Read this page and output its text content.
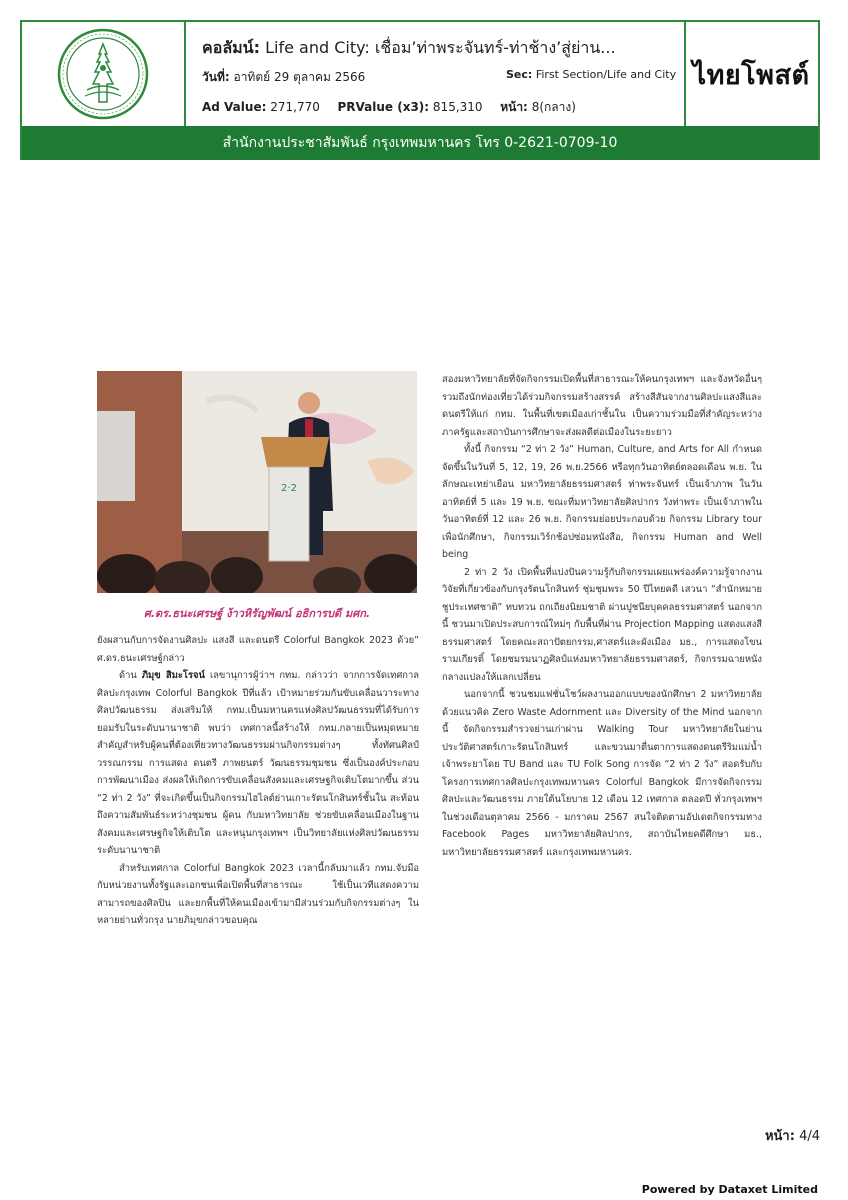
คอลัมน์: Life and City: เชื่อม’ท่าพระจันทร์-ท่าช้าง’สู่ย่าน...
วันที่: อาทิตย์ 29 ตุลาคม 2566	Sec: First Section/Life and City
Ad Value: 271,770 PRValue (x3): 815,310 หน้า: 8(กลาง)
ไทยโพสต์
สำนักงานประชาสัมพันธ์ กรุงเทพมหานคร โทร 0-2621-0709-10
2·2
ศ.ดร.ธนะเศรษฐ์ ง้าวหิรัญพัฒน์ อธิการบดี มศก.

ยังผสานกับการจัดงานศิลปะ แสงสี และดนตรี Colorful Bangkok 2023 ด้วย” ศ.ดร.ธนะเศรษฐ์กล่าว

ด้าน ภิมุข สิมะโรจน์ เลขานุการผู้ว่าฯ กทม. กล่าวว่า จากการจัดเทศกาลศิลปะกรุงเทพ Colorful Bangkok ปีที่แล้ว เป้าหมายร่วมกันขับเคลื่อนวาระทางศิลปวัฒนธรรม ส่งเสริมให้ กทม.เป็นมหานครแห่งศิลปวัฒนธรรมที่ได้รับการยอมรับในระดับนานาชาติ พบว่า เทศกาลนี้สร้างให้ กทม.กลายเป็นหมุดหมายสำคัญสำหรับผู้คนที่ต้องเที่ยวทางวัฒนธรรมผ่านกิจกรรมต่างๆ ทั้งทัศนศิลป์ วรรณกรรม การแสดง ดนตรี ภาพยนตร์ วัฒนธรรมชุมชน ซึ่งเป็นองค์ประกอบการพัฒนาเมือง ส่งผลให้เกิดการขับเคลื่อนสังคมและเศรษฐกิจเติบโตมากขึ้น ส่วน “2 ท่า 2 วัง” ที่จะเกิดขึ้นเป็นกิจกรรมไฮไลต์ย่านเกาะรัตนโกสินทร์ชั้นใน สะท้อนถึงความสัมพันธ์ระหว่างชุมชน ผู้คน กับมหาวิทยาลัย ช่วยขับเคลื่อนเมืองในฐานสังคมและเศรษฐกิจให้เติบโต และหนุนกรุงเทพฯ เป็นวิทยาลัยแห่งศิลปวัฒนธรรมระดับนานาชาติ

สำหรับเทศกาล Colorful Bangkok 2023 เวลานี้กลับมาแล้ว กทม.จับมือกับหน่วยงานทั้งรัฐและเอกชนเพื่อเปิดพื้นที่สาธารณะ ใช้เป็นเวทีแสดงความสามารถของศิลปิน และยกพื้นที่ให้คนเมืองเข้ามามีส่วนร่วมกับกิจกรรมต่างๆ ในหลายย่านทั่วกรุง นายภิมุขกล่าวขอบคุณ

สองมหาวิทยาลัยที่จัดกิจกรรมเปิดพื้นที่สาธารณะให้คนกรุงเทพฯ และจังหวัดอื่นๆ รวมถึงนักท่องเที่ยวได้ร่วมกิจกรรมสร้างสรรค์ สร้างสีสันจากงานศิลปะแสงสีและดนตรีให้แก่ กทม. ในพื้นที่เขตเมืองเก่าชั้นใน เป็นความร่วมมือที่สำคัญระหว่างภาครัฐและสถาบันการศึกษาจะส่งผลดีต่อเมืองในระยะยาว

ทั้งนี้ กิจกรรม “2 ท่า 2 วัง” Human, Culture, and Arts for All กำหนดจัดขึ้นในวันที่ 5, 12, 19, 26 พ.ย.2566 หรือทุกวันอาทิตย์ตลอดเดือน พ.ย. ในลักษณะเทย่าเยือน มหาวิทยาลัยธรรมศาสตร์ ท่าพระจันทร์ เป็นเจ้าภาพ ในวันอาทิตย์ที่ 5 และ 19 พ.ย. ขณะที่มหาวิทยาลัยศิลปากร วังท่าพระ เป็นเจ้าภาพในวันอาทิตย์ที่ 12 และ 26 พ.ย. กิจกรรมย่อยประกอบด้วย กิจกรรม Library tour เพื่อนักศึกษา, กิจกรรมเวิร์กช้อปซ่อมหนังสือ, กิจกรรม Human and Well being

2 ท่า 2 วัง เปิดพื้นที่แบ่งปันความรู้กับกิจกรรมเผยแพร่องค์ความรู้จากงานวิจัยที่เกี่ยวข้องกับกรุงรัตนโกสินทร์ ชุ่มชุมพระ 50 ปีไทยคดี เสวนา “สำนักหมายชูประเทศชาติ” ทบทวน ถกเถียงนิยมชาติ ผ่านปูชนียบุคคลธรรมศาสตร์ นอกจากนี้ ชวนมาเปิดประสบการณ์ใหม่ๆ กับพื้นที่ผ่าน Projection Mapping แสดงแสงสีธรรมศาสตร์ โดยคณะสถาปัตยกรรม,ศาสตร์และผังเมือง มธ., การแสดงโขนรามเกียรติ์ โดยชมรมนาฏศิลป์แห่งมหาวิทยาลัยธรรมศาสตร์, กิจกรรมฉายหนังกลางแปลงให้แลกเปลี่ยน

นอกจากนี้ ชวนชมแฟชั่นโชว์ผลงานออกแบบของนักศึกษา 2 มหาวิทยาลัยด้วยแนวคิด Zero Waste Adornment และ Diversity of the Mind นอกจากนี้ จัดกิจกรรมสำรวจย่านเก่าผ่าน Walking Tour มหาวิทยาลัยในย่านประวัติศาสตร์เกาะรัตนโกสินทร์ และขวนมาตื่นตาการแสดงดนตรีริมแม่น้ำเจ้าพระยาโดย TU Band และ TU Folk Song การจัด “2 ท่า 2 วัง” สอดรับกับโครงการเทศกาลศิลปะกรุงเทพมหานคร Colorful Bangkok มีการจัดกิจกรรมศิลปะและวัฒนธรรม ภายใต้นโยบาย 12 เดือน 12 เทศกาล ตลอดปี ทั่วกรุงเทพฯ ในช่วงเดือนตุลาคม 2566 - มกราคม 2567 สนใจติดตามอัปเดตกิจกรรมทาง Facebook Pages มหาวิทยาลัยศิลปากร, สถาบันไทยคดีศึกษา มธ., มหาวิทยาลัยธรรมศาสตร์ และกรุงเทพมหานคร.

หน้า: 4/4
Powered by Dataxet Limited
